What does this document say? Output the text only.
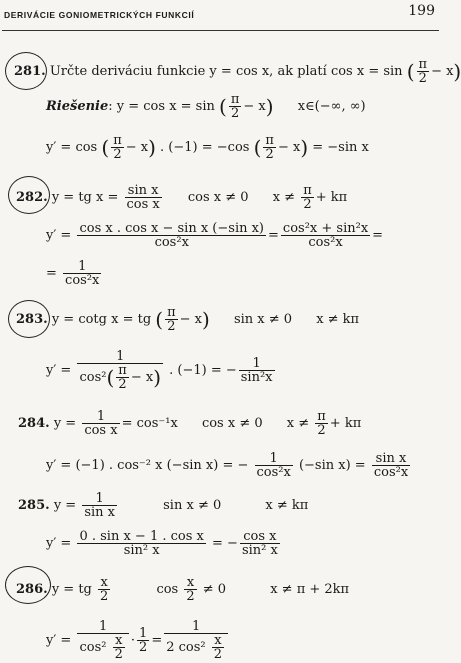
DERIVÁCIE GONIOMETRICKÝCH FUNKCIÍ	199
281. Určte deriváciu funkcie y = cos x, ak platí cos x = sin ( $\frac{\pi}{2} - x$)
Riešenie: y = cos x = sin ( $\frac{\pi}{2} - x$) x∈(−∞, ∞)
y′ = cos ( $\frac{\pi}{2} - x$) . (−1) = −cos ( $\frac{\pi}{2} - x) = -\sin$ x
282. y = tg $x = \frac{\text{sin x}}{\text{cos x}}$ cos x ≠ 0 $x \ne \frac{\pi}{2} + k\pi$
$y' = \frac{\text{cos x . cos x − sin x (−sin x)}}{\text{cos²x}} = \frac{\text{cos²x + sin²x}}{\text{cos²x}}$ =
= $\frac{1}{\text{cos²x}}$
283. y = cotg x = tg ( $\frac{\pi}{2} - x$) sin x ≠ 0 x ≠ kπ
$y' = \frac{1}{\cos^2( \frac{\pi}{2} - x)}$ . (−1) = − $\frac{1}{\text{sin²x}}$
284. $y = \frac{1}{\text{cos x}} = \cos^{-1}x$ cos x ≠ 0 $x \ne \frac{\pi}{2} + k\pi$
y′ = (−1) . cos⁻² x (−sin x) = − $\frac{1}{\text{cos²x}} (-\sin$ $x) = \frac{\text{sin x}}{\text{cos²x}}$
285. $y = \frac{1}{\text{sin x}}$	sin x ≠ 0	x ≠ kπ
$y' = \frac{\text{0 . sin x − 1 . cos x}}{\text{sin² x}}$ = − $\frac{\text{cos x}}{\text{sin² x}}$
286. y = tg $\frac{x}{2}$	$\cos \frac{x}{2} \ne 0$	x ≠ π + 2kπ
$y' = \frac{1}{\cos^2 \frac{x}{2}} \cdot \frac{1}{2} = \frac{1}{2 \cos^2 \frac{x}{2}}$
